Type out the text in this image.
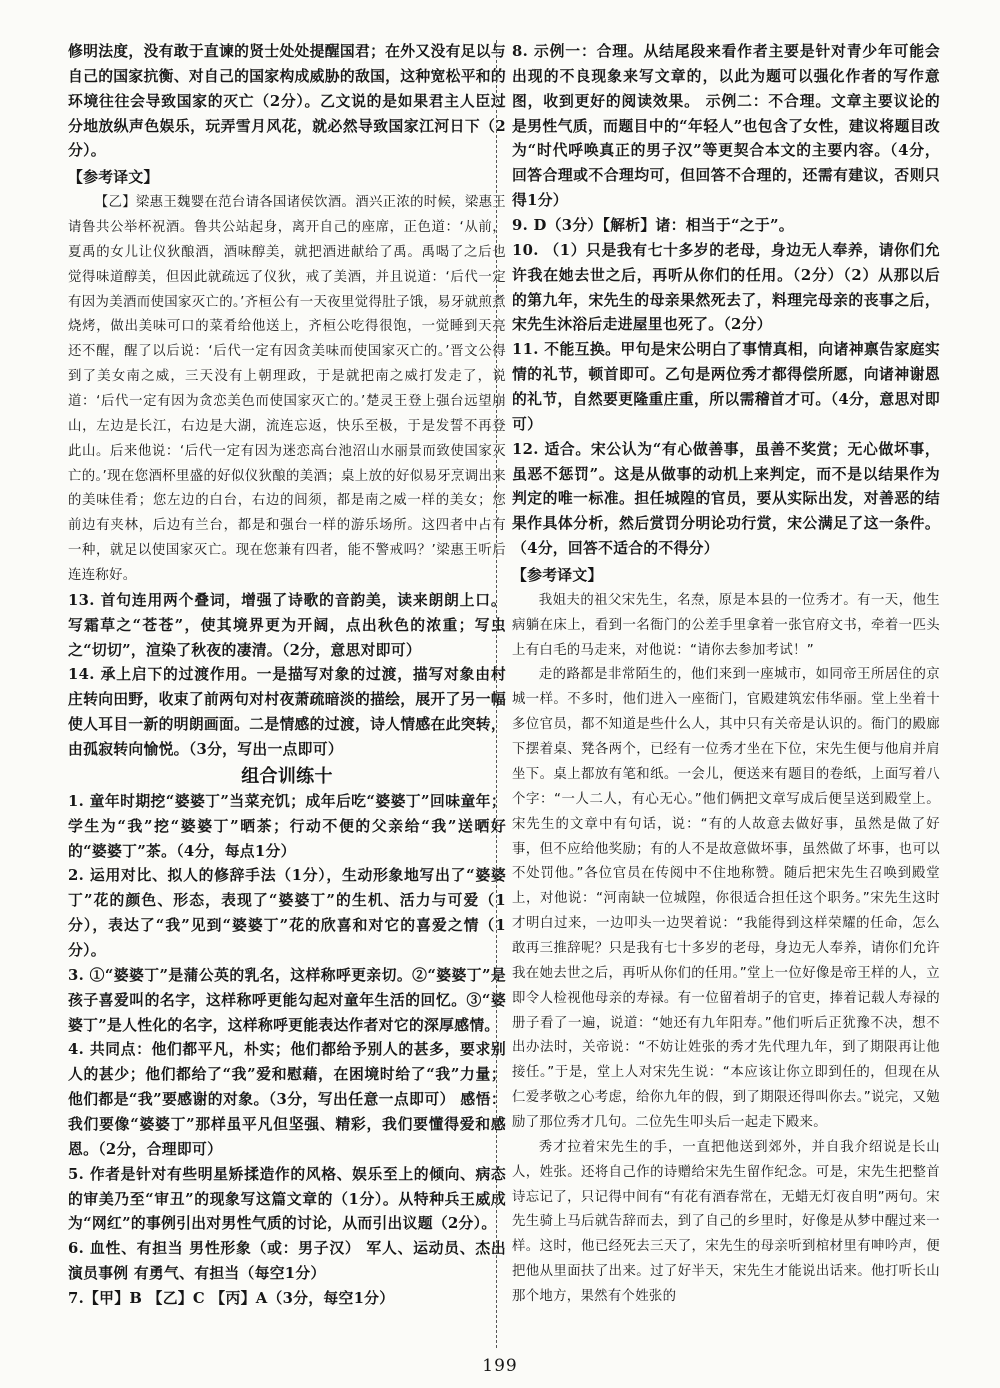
修明法度，没有敢于直谏的贤士处处提醒国君；在外又没有足以与自己的国家抗衡、对自己的国家构成威胁的敌国，这种宽松平和的环境往往会导致国家的灭亡（2分）。乙文说的是如果君主人臣过分地放纵声色娱乐，玩弄雪月风花，就必然导致国家江河日下（2分）。

【参考译文】

【乙】梁惠王魏婴在范台请各国诸侯饮酒。酒兴正浓的时候，梁惠王请鲁共公举杯祝酒。鲁共公站起身，离开自己的座席，正色道：‘从前，夏禹的女儿让仪狄酿酒，酒味醇美，就把酒进献给了禹。禹喝了之后也觉得味道醇美，但因此就疏远了仪狄，戒了美酒，并且说道：‘后代一定有因为美酒而使国家灭亡的。’齐桓公有一天夜里觉得肚子饿，易牙就煎煮烧烤，做出美味可口的菜肴给他送上，齐桓公吃得很饱，一觉睡到天亮还不醒，醒了以后说：‘后代一定有因贪美味而使国家灭亡的。’晋文公得到了美女南之威，三天没有上朝理政，于是就把南之威打发走了，说道：‘后代一定有因为贪恋美色而使国家灭亡的。’楚灵王登上强台远望崩山，左边是长江，右边是大湖，流连忘返，快乐至极，于是发誓不再登此山。后来他说：‘后代一定有因为迷恋高台池沼山水丽景而致使国家灭亡的。’现在您酒杯里盛的好似仪狄酿的美酒；桌上放的好似易牙烹调出来的美味佳肴；您左边的白台，右边的闾须，都是南之威一样的美女；您前边有夹林，后边有兰台，都是和强台一样的游乐场所。这四者中占有一种，就足以使国家灭亡。现在您兼有四者，能不警戒吗？’梁惠王听后连连称好。

13. 首句连用两个叠词，增强了诗歌的音韵美，读来朗朗上口。写霜草之“苍苍”，使其境界更为开阔，点出秋色的浓重；写虫之“切切”，渲染了秋夜的凄清。（2分，意思对即可）

14. 承上启下的过渡作用。一是描写对象的过渡，描写对象由村庄转向田野，收束了前两句对村夜萧疏暗淡的描绘，展开了另一幅使人耳目一新的明朗画面。二是情感的过渡，诗人情感在此突转，由孤寂转向愉悦。（3分，写出一点即可）

组合训练十

1. 童年时期挖“婆婆丁”当菜充饥；成年后吃“婆婆丁”回味童年；学生为“我”挖“婆婆丁”晒茶；行动不便的父亲给“我”送晒好的“婆婆丁”茶。（4分，每点1分）

2. 运用对比、拟人的修辞手法（1分），生动形象地写出了“婆婆丁”花的颜色、形态，表现了“婆婆丁”的生机、活力与可爱（1分），表达了“我”见到“婆婆丁”花的欣喜和对它的喜爱之情（1分）。

3. ①“婆婆丁”是蒲公英的乳名，这样称呼更亲切。②“婆婆丁”是孩子喜爱叫的名字，这样称呼更能勾起对童年生活的回忆。③“婆婆丁”是人性化的名字，这样称呼更能表达作者对它的深厚感情。

4. 共同点：他们都平凡，朴实；他们都给予别人的甚多，要求别人的甚少；他们都给了“我”爱和慰藉，在困境时给了“我”力量；他们都是“我”要感谢的对象。（3分，写出任意一点即可） 感悟：我们要像“婆婆丁”那样虽平凡但坚强、精彩，我们要懂得爱和感恩。（2分，合理即可）

5. 作者是针对有些明星矫揉造作的风格、娱乐至上的倾向、病态的审美乃至“审丑”的现象写这篇文章的（1分）。从特种兵王威成为“网红”的事例引出对男性气质的讨论，从而引出议题（2分）。

6. 血性、有担当 男性形象（或：男子汉） 军人、运动员、杰出演员事例 有勇气、有担当（每空1分）

7.【甲】B 【乙】C 【丙】A（3分，每空1分）

8. 示例一：合理。从结尾段来看作者主要是针对青少年可能会出现的不良现象来写文章的，以此为题可以强化作者的写作意图，收到更好的阅读效果。 示例二：不合理。文章主要议论的是男性气质，而题目中的“年轻人”也包含了女性，建议将题目改为“时代呼唤真正的男子汉”等更契合本文的主要内容。（4分，回答合理或不合理均可，但回答不合理的，还需有建议，否则只得1分）

9. D（3分）【解析】诸：相当于“之于”。

10. （1）只是我有七十多岁的老母，身边无人奉养，请你们允许我在她去世之后，再听从你们的任用。（2分）（2）从那以后的第九年，宋先生的母亲果然死去了，料理完母亲的丧事之后，宋先生沐浴后走进屋里也死了。（2分）

11. 不能互换。甲句是宋公明白了事情真相，向诸神禀告家庭实情的礼节，顿首即可。乙句是两位秀才都得偿所愿，向诸神谢恩的礼节，自然要更隆重庄重，所以需稽首才可。（4分，意思对即可）

12. 适合。宋公认为“有心做善事，虽善不奖赏；无心做坏事，虽恶不惩罚”。这是从做事的动机上来判定，而不是以结果作为判定的唯一标准。担任城隍的官员，要从实际出发，对善恶的结果作具体分析，然后赏罚分明论功行赏，宋公满足了这一条件。（4分，回答不适合的不得分）

【参考译文】

我姐夫的祖父宋先生，名焘，原是本县的一位秀才。有一天，他生病躺在床上，看到一名衙门的公差手里拿着一张官府文书，牵着一匹头上有白毛的马走来，对他说：“请你去参加考试！”

走的路都是非常陌生的，他们来到一座城市，如同帝王所居住的京城一样。不多时，他们进入一座衙门，官殿建筑宏伟华丽。堂上坐着十多位官员，都不知道是些什么人，其中只有关帝是认识的。衙门的殿廊下摆着桌、凳各两个，已经有一位秀才坐在下位，宋先生便与他肩并肩坐下。桌上都放有笔和纸。一会儿，便送来有题目的卷纸，上面写着八个字：“一人二人，有心无心。”他们俩把文章写成后便呈送到殿堂上。宋先生的文章中有句话，说：“有的人故意去做好事，虽然是做了好事，但不应给他奖励；有的人不是故意做坏事，虽然做了坏事，也可以不处罚他。”各位官员在传阅中不住地称赞。随后把宋先生召唤到殿堂上，对他说：“河南缺一位城隍，你很适合担任这个职务。”宋先生这时才明白过来，一边叩头一边哭着说：“我能得到这样荣耀的任命，怎么敢再三推辞呢？只是我有七十多岁的老母，身边无人奉养，请你们允许我在她去世之后，再听从你们的任用。”堂上一位好像是帝王样的人，立即令人检视他母亲的寿禄。有一位留着胡子的官吏，捧着记载人寿禄的册子看了一遍，说道：“她还有九年阳寿。”他们听后正犹豫不决，想不出办法时，关帝说：“不妨让姓张的秀才先代理九年，到了期限再让他接任。”于是，堂上人对宋先生说：“本应该让你立即到任的，但现在从仁爱孝敬之心考虑，给你九年的假，到了期限还得叫你去。”说完，又勉励了那位秀才几句。二位先生叩头后一起走下殿来。

秀才拉着宋先生的手，一直把他送到郊外，并自我介绍说是长山人，姓张。还将自己作的诗赠给宋先生留作纪念。可是，宋先生把整首诗忘记了，只记得中间有“有花有酒春常在，无蜡无灯夜自明”两句。宋先生骑上马后就告辞而去，到了自己的乡里时，好像是从梦中醒过来一样。这时，他已经死去三天了，宋先生的母亲听到棺材里有呻吟声，便把他从里面扶了出来。过了好半天，宋先生才能说出话来。他打听长山那个地方，果然有个姓张的

199
